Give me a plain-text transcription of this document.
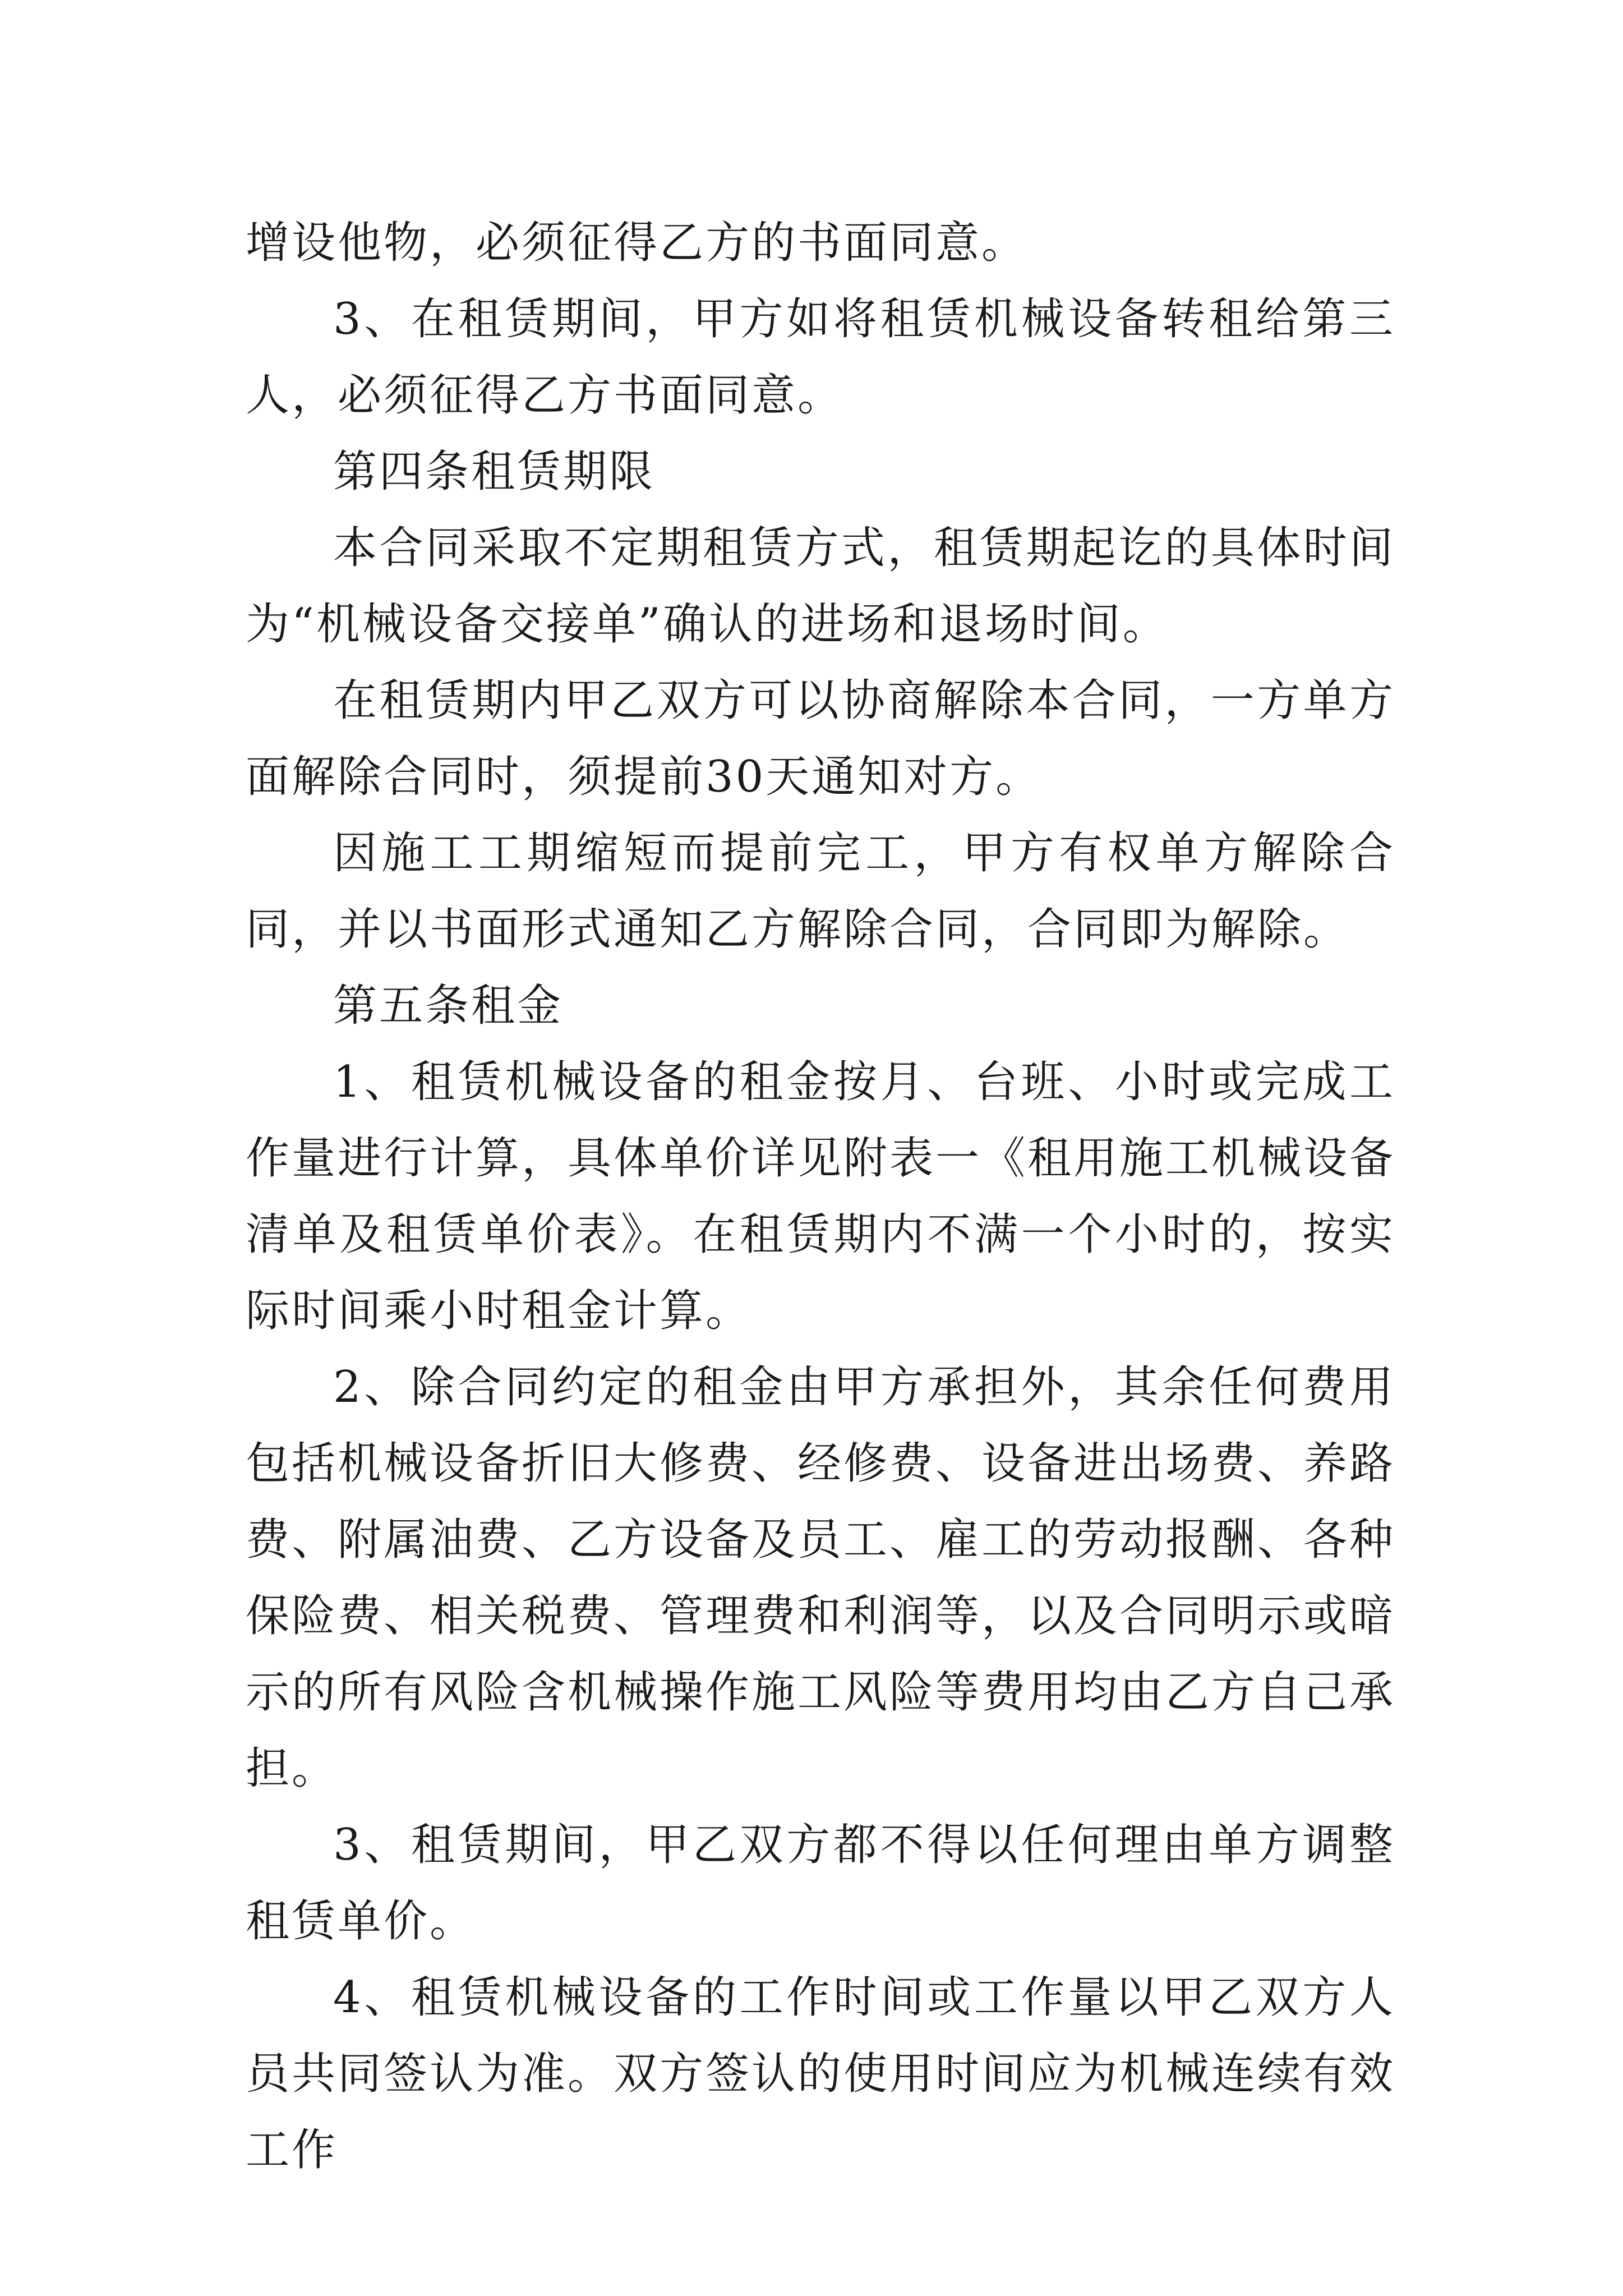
增设他物，必须征得乙方的书面同意。

3、在租赁期间，甲方如将租赁机械设备转租给第三人，必须征得乙方书面同意。

第四条租赁期限

本合同采取不定期租赁方式，租赁期起讫的具体时间为“机械设备交接单”确认的进场和退场时间。

在租赁期内甲乙双方可以协商解除本合同，一方单方面解除合同时，须提前30天通知对方。

因施工工期缩短而提前完工，甲方有权单方解除合同，并以书面形式通知乙方解除合同，合同即为解除。

第五条租金

1、租赁机械设备的租金按月、台班、小时或完成工作量进行计算，具体单价详见附表一《租用施工机械设备清单及租赁单价表》。在租赁期内不满一个小时的，按实际时间乘小时租金计算。

2、除合同约定的租金由甲方承担外，其余任何费用包括机械设备折旧大修费、经修费、设备进出场费、养路费、附属油费、乙方设备及员工、雇工的劳动报酬、各种保险费、相关税费、管理费和利润等，以及合同明示或暗示的所有风险含机械操作施工风险等费用均由乙方自己承担。

3、租赁期间，甲乙双方都不得以任何理由单方调整租赁单价。

4、租赁机械设备的工作时间或工作量以甲乙双方人员共同签认为准。双方签认的使用时间应为机械连续有效工作
